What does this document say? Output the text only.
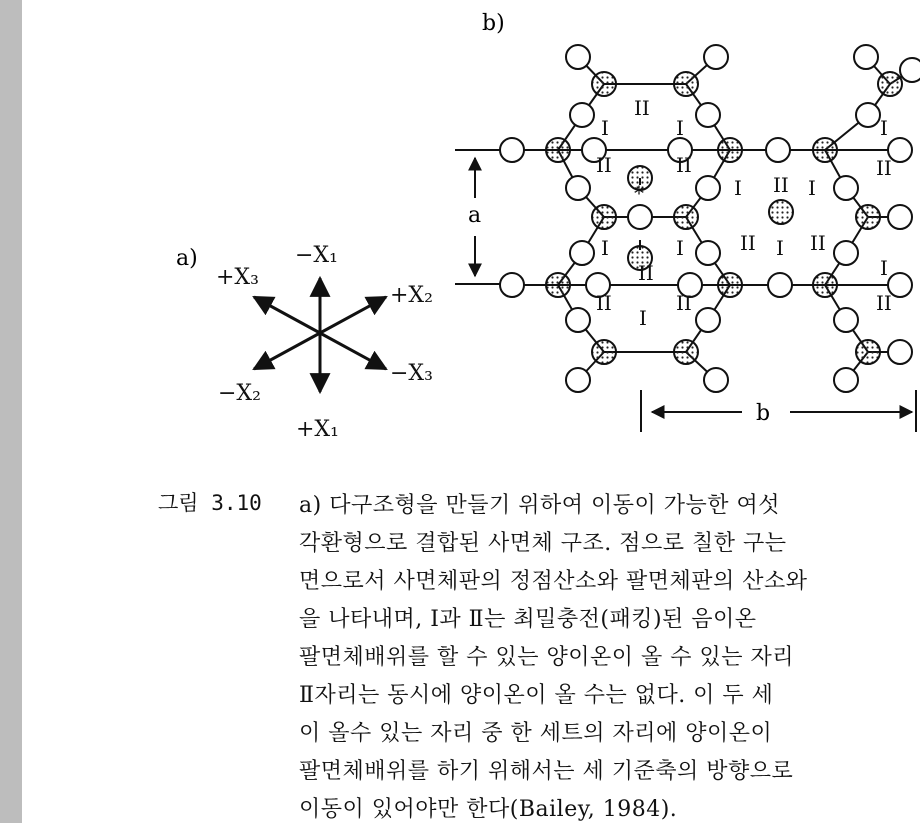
a)
b)
−X₁
+X₁
+X₂
−X₂
+X₃
−X₃
a
b
I
II
I
II	II
*	I II I
II
II I II
I
II
I
I
II
I
II	II
I
그림 3.10 a) 다구조형을 만들기 위하여 이동이 가능한 여섯
각환형으로 결합된 사면체 구조. 점으로 칠한 구는
면으로서 사면체판의 정점산소와 팔면체판의 산소와
을 나타내며, Ⅰ과 Ⅱ는 최밀충전(패킹)된 음이온
팔면체배위를 할 수 있는 양이온이 올 수 있는 자리
Ⅱ자리는 동시에 양이온이 올 수는 없다. 이 두 세
이 올수 있는 자리 중 한 세트의 자리에 양이온이
팔면체배위를 하기 위해서는 세 기준축의 방향으로
이동이 있어야만 한다(Bailey, 1984).
